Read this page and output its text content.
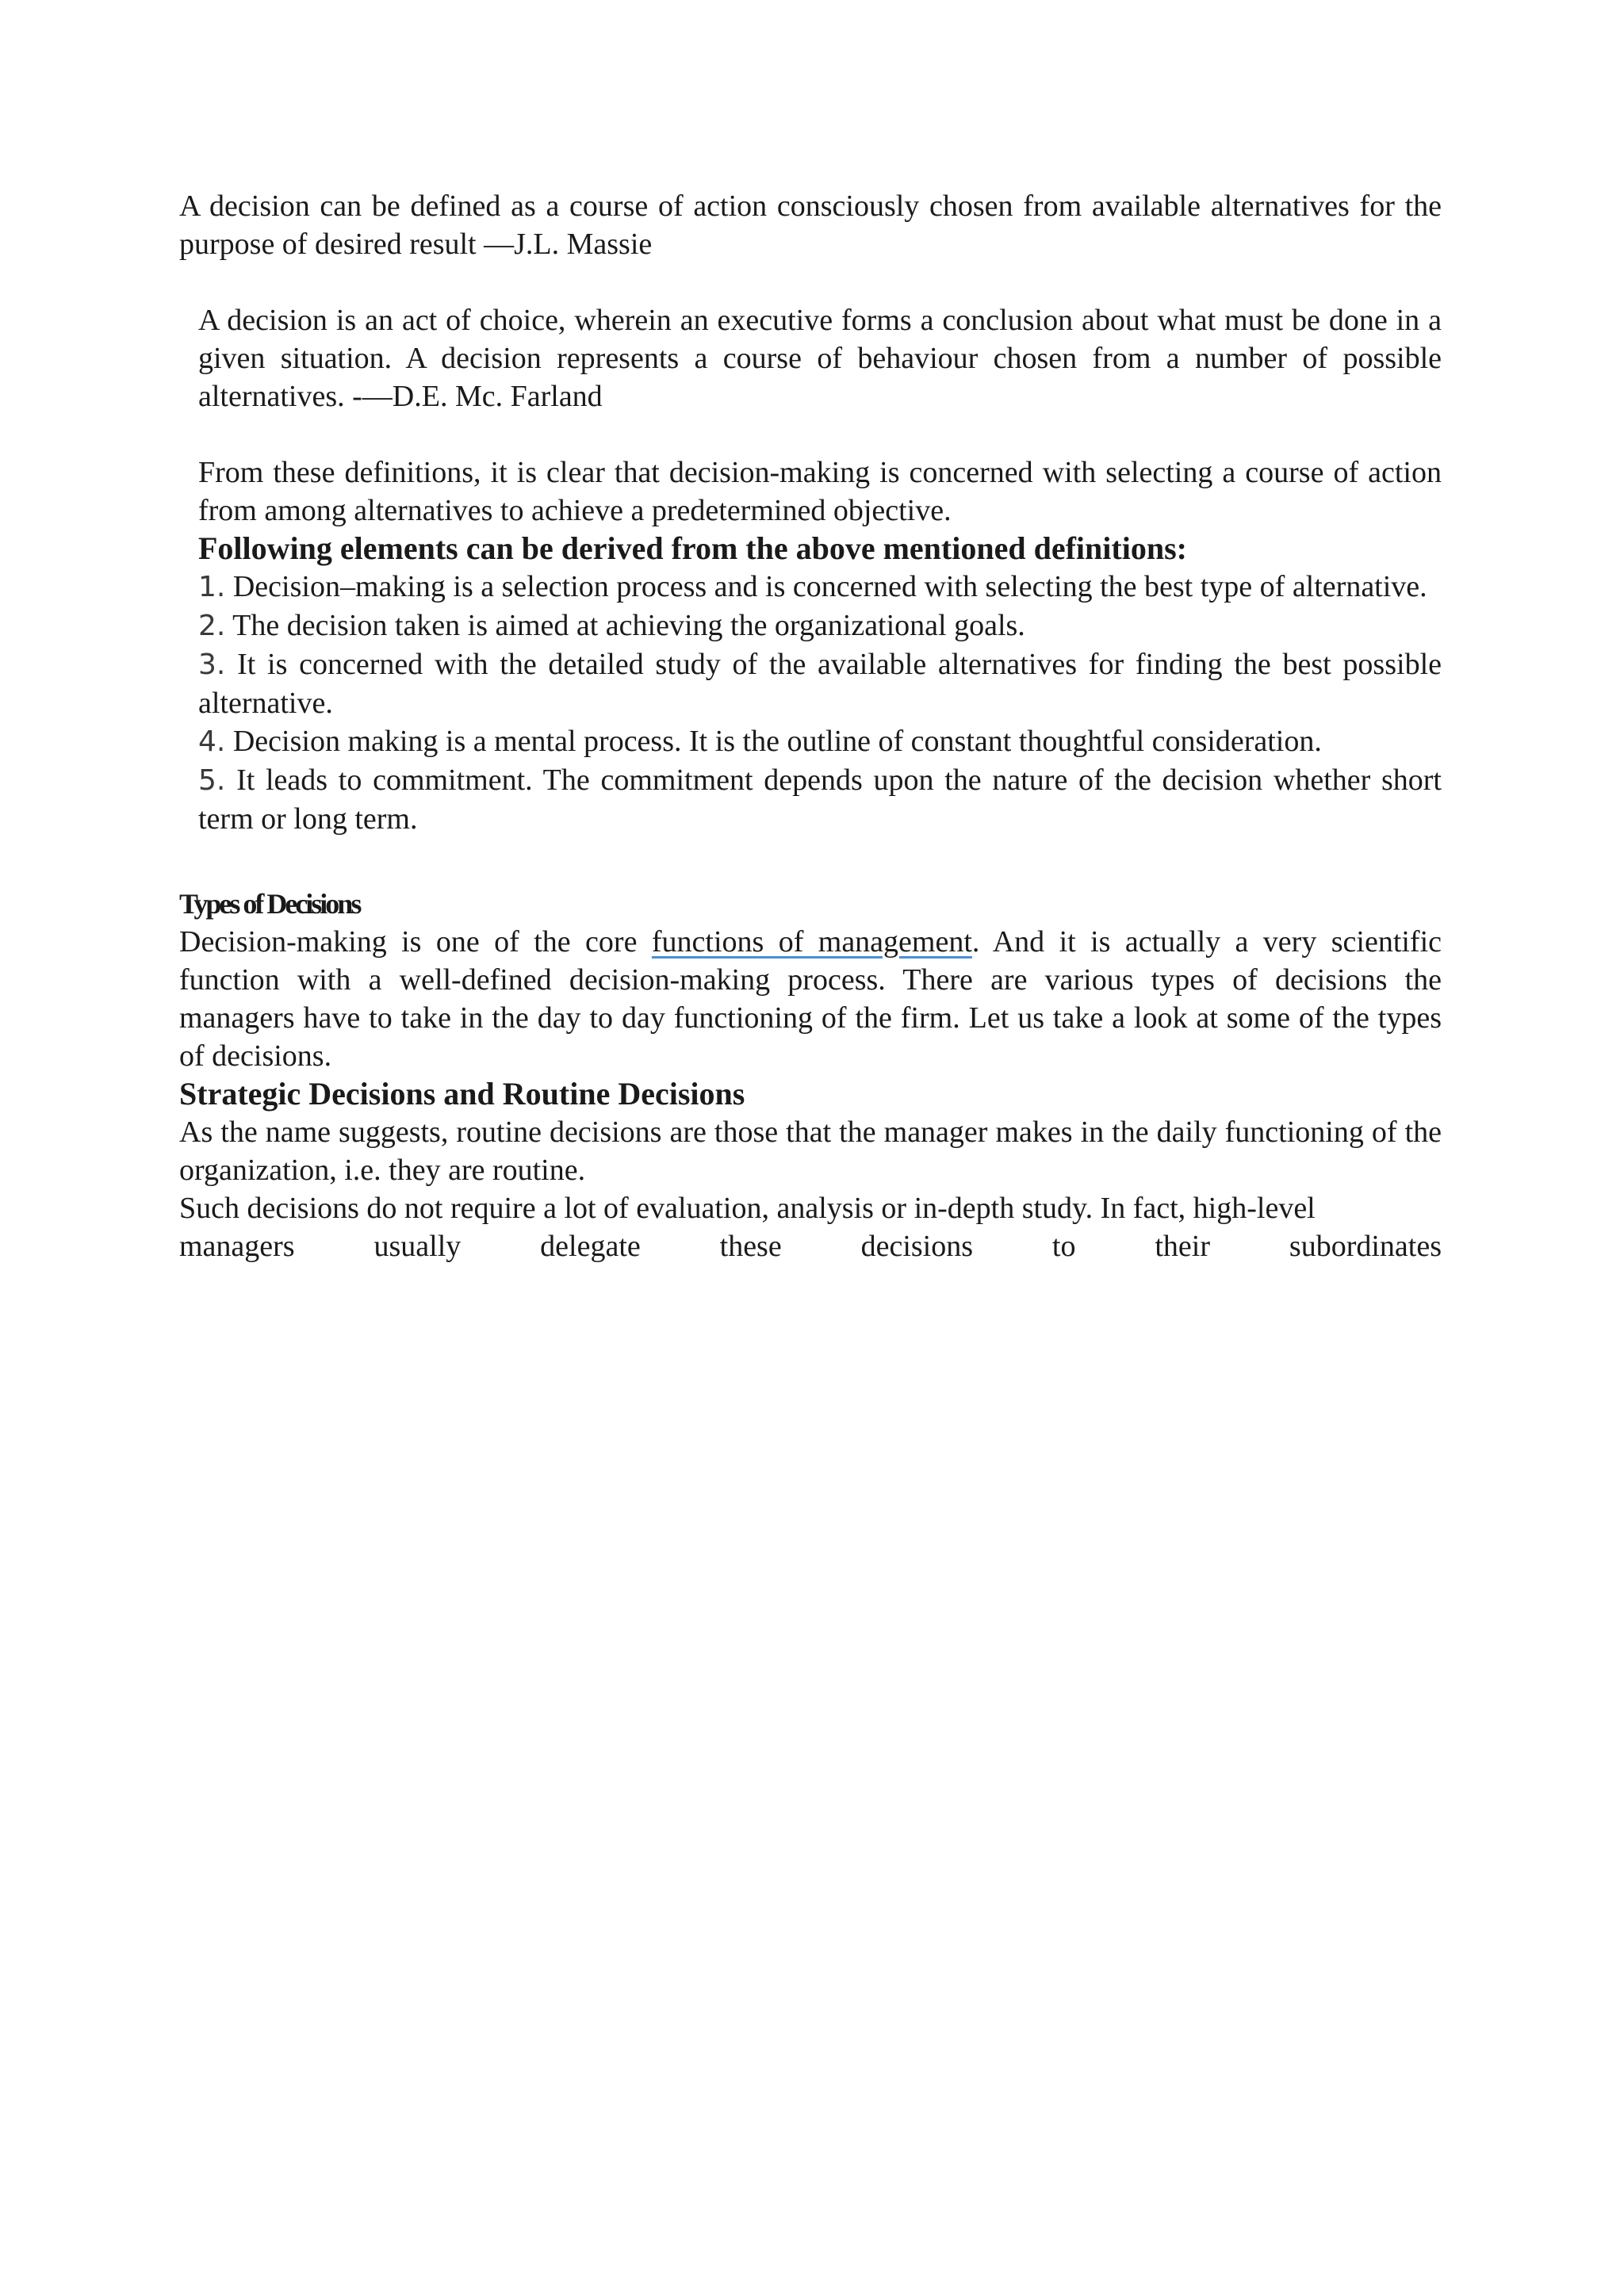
A decision can be defined as a course of action consciously chosen from available alternatives for the purpose of desired result —J.L. Massie

A decision is an act of choice, wherein an executive forms a conclusion about what must be done in a given situation. A decision represents a course of behaviour chosen from a number of possible alternatives. -—D.E. Mc. Farland

From these definitions, it is clear that decision-making is concerned with selecting a course of action from among alternatives to achieve a predetermined objective.

Following elements can be derived from the above mentioned definitions:
1. Decision–making is a selection process and is concerned with selecting the best type of alternative.
2. The decision taken is aimed at achieving the organizational goals.
3. It is concerned with the detailed study of the available alternatives for finding the best possible alternative.
4. Decision making is a mental process. It is the outline of constant thoughtful consideration.
5. It leads to commitment. The commitment depends upon the nature of the decision whether short term or long term.
Types of Decisions

Decision-making is one of the core functions of management. And it is actually a very scientific function with a well-defined decision-making process. There are various types of decisions the managers have to take in the day to day functioning of the firm. Let us take a look at some of the types of decisions.

Strategic Decisions and Routine Decisions

As the name suggests, routine decisions are those that the manager makes in the daily functioning of the organization, i.e. they are routine.

Such decisions do not require a lot of evaluation, analysis or in-depth study. In fact, high-level
managers usually delegate these decisions to their subordinates
